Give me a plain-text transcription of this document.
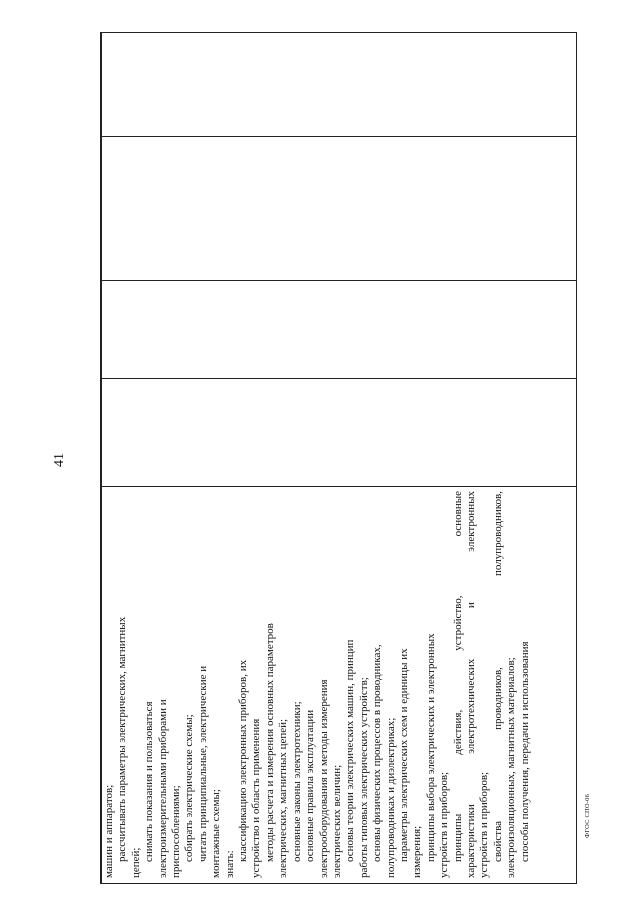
41
ФГОС СПО-06

машин и аппаратов; рассчитывать параметры электрических, магнитных

цепей;

снимать показания и пользоваться электроизмерительными приборами и приспособлениями; собирать электрические схемы; читать принципиальные, электрические и монтажные схемы; знать:

классификацию электронных приборов, их устройство и область применения методы расчета и измерения основных параметров электрических, магнитных цепей; основные законы электротехники; основные правила эксплуатации электрооборудования и методы измерения электрических величин; основы теории электрических машин, принцип работы типовых электрических устройств; основы физических процессов в проводниках, полупроводниках и диэлектриках; параметры электрических схем и единицы их измерения; принципы выбора электрических и электронных устройств и приборов; принципы действия, устройство, основные характеристики электротехнических и электронных устройств и приборов; свойства проводников, полупроводников, электроизоляционных, магнитных материалов; способы получения, передачи и использования
